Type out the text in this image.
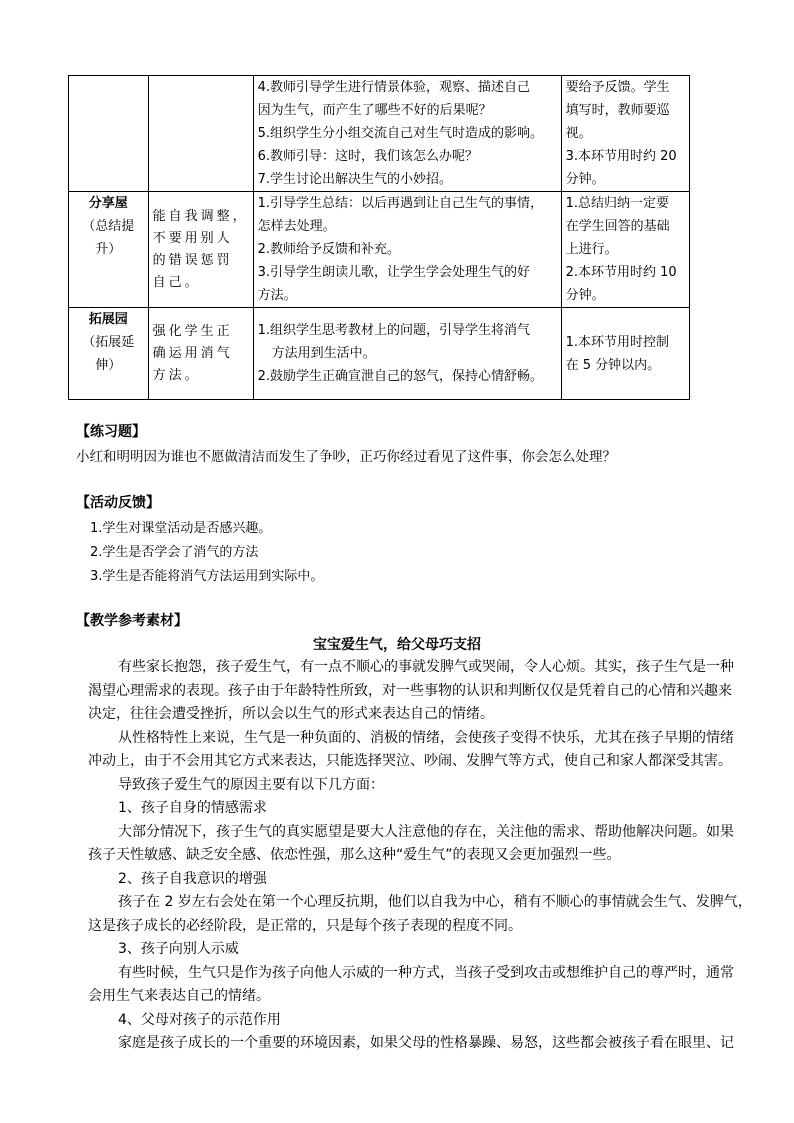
		4.教师引导学生进行情景体验，观察、描述自己
因为生气，而产生了哪些不好的后果呢？
5.组织学生分小组交流自己对生气时造成的影响。
6.教师引导：这时，我们该怎么办呢？
7.学生讨论出解决生气的小妙招。	要给予反馈。学生
填写时，教师要巡
视。
3.本环节用时约 20
分钟。

分享屋
（总结提
升）	能自我调整，
不要用别人
的错误惩罚
自己。	1.引导学生总结：以后再遇到让自己生气的事情，
怎样去处理。
2.教师给予反馈和补充。
3.引导学生朗读儿歌，让学生学会处理生气的好
方法。	1.总结归纳一定要
在学生回答的基础
上进行。
2.本环节用时约 10
分钟。

拓展园
（拓展延
伸）	强化学生正
确运用消气
方法。	1.组织学生思考教材上的问题，引导学生将消气
方法用到生活中。
2.鼓励学生正确宣泄自己的怒气，保持心情舒畅。	1.本环节用时控制
在 5 分钟以内。
【练习题】
小红和明明因为谁也不愿做清洁而发生了争吵，正巧你经过看见了这件事，你会怎么处理？
【活动反馈】
1.学生对课堂活动是否感兴趣。
2.学生是否学会了消气的方法
3.学生是否能将消气方法运用到实际中。
【教学参考素材】
宝宝爱生气，给父母巧支招

有些家长抱怨，孩子爱生气，有一点不顺心的事就发脾气或哭闹，令人心烦。其实，孩子生气是一种

渴望心理需求的表现。孩子由于年龄特性所致，对一些事物的认识和判断仅仅是凭着自己的心情和兴趣来

决定，往往会遭受挫折，所以会以生气的形式来表达自己的情绪。

从性格特性上来说，生气是一种负面的、消极的情绪，会使孩子变得不快乐，尤其在孩子早期的情绪

冲动上，由于不会用其它方式来表达，只能选择哭泣、吵闹、发脾气等方式，使自己和家人都深受其害。

导致孩子爱生气的原因主要有以下几方面：

1、孩子自身的情感需求

大部分情况下，孩子生气的真实愿望是要大人注意他的存在，关注他的需求、帮助他解决问题。如果

孩子天性敏感、缺乏安全感、依恋性强，那么这种“爱生气”的表现又会更加强烈一些。

2、孩子自我意识的增强

孩子在 2 岁左右会处在第一个心理反抗期，他们以自我为中心，稍有不顺心的事情就会生气、发脾气，

这是孩子成长的必经阶段，是正常的，只是每个孩子表现的程度不同。

3、孩子向别人示威

有些时候，生气只是作为孩子向他人示威的一种方式，当孩子受到攻击或想维护自己的尊严时，通常

会用生气来表达自己的情绪。

4、父母对孩子的示范作用

家庭是孩子成长的一个重要的环境因素，如果父母的性格暴躁、易怒，这些都会被孩子看在眼里、记
